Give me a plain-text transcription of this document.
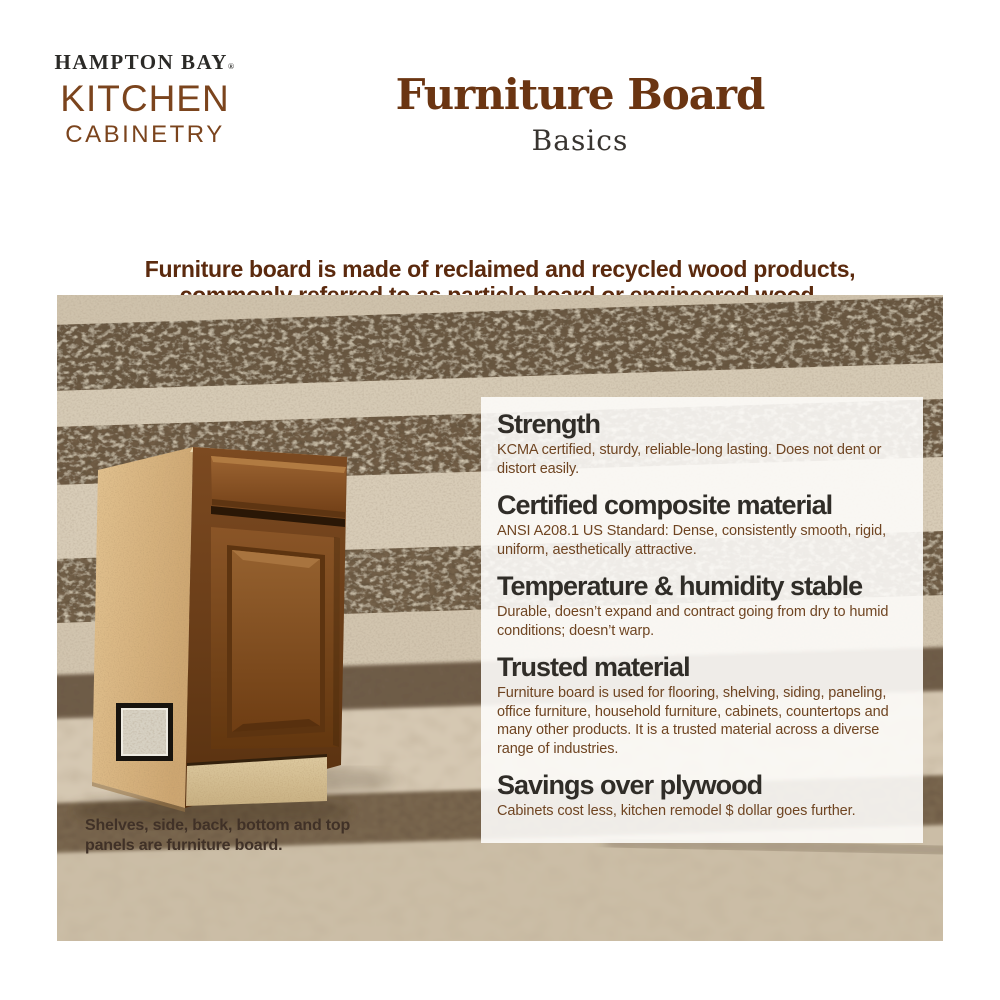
HAMPTON BAY®
KITCHEN
CABINETRY
Furniture Board
Basics

Furniture board is made of reclaimed and recycled wood products,

Strength

KCMA certified, sturdy, reliable-long lasting. Does not dent or distort easily.

Certified composite material

ANSI A208.1 US Standard: Dense, consistently smooth, rigid, uniform, aesthetically attractive.

Temperature & humidity stable

Durable, doesn’t expand and contract going from dry to humid conditions; doesn’t warp.

Trusted material

Furniture board is used for flooring, shelving, siding, paneling, office furniture, household furniture, cabinets, countertops and many other products. It is a trusted material across a diverse range of industries.

Savings over plywood

Cabinets cost less, kitchen remodel $ dollar goes further.

Shelves, side, back, bottom and top
panels are furniture board.
